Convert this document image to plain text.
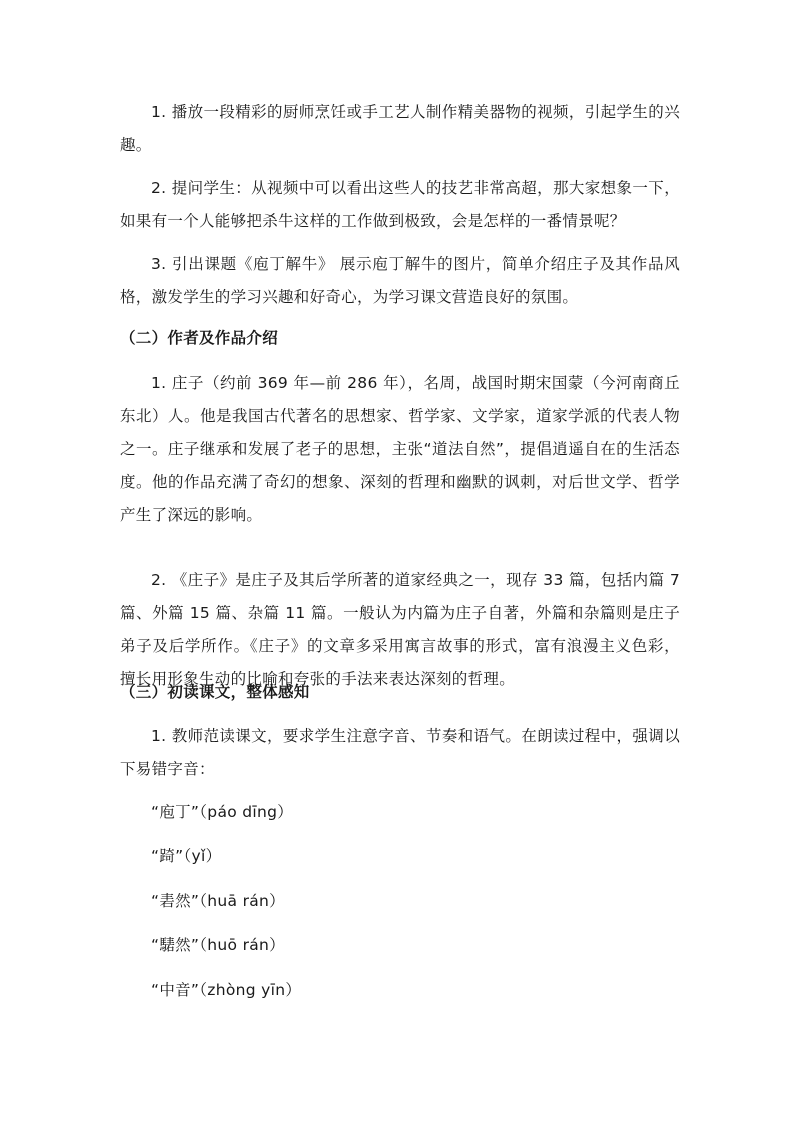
1. 播放一段精彩的厨师烹饪或手工艺人制作精美器物的视频，引起学生的兴趣。

2. 提问学生：从视频中可以看出这些人的技艺非常高超，那大家想象一下，如果有一个人能够把杀牛这样的工作做到极致，会是怎样的一番情景呢？

3. 引出课题《庖丁解牛》 展示庖丁解牛的图片，简单介绍庄子及其作品风格，激发学生的学习兴趣和好奇心，为学习课文营造良好的氛围。

（二）作者及作品介绍

1. 庄子（约前 369 年—前 286 年），名周，战国时期宋国蒙（今河南商丘东北）人。他是我国古代著名的思想家、哲学家、文学家，道家学派的代表人物之一。庄子继承和发展了老子的思想，主张“道法自然”，提倡逍遥自在的生活态度。他的作品充满了奇幻的想象、深刻的哲理和幽默的讽刺，对后世文学、哲学产生了深远的影响。

2. 《庄子》是庄子及其后学所著的道家经典之一，现存 33 篇，包括内篇 7 篇、外篇 15 篇、杂篇 11 篇。一般认为内篇为庄子自著，外篇和杂篇则是庄子弟子及后学所作。《庄子》的文章多采用寓言故事的形式，富有浪漫主义色彩，擅长用形象生动的比喻和夸张的手法来表达深刻的哲理。

（三）初读课文，整体感知

1. 教师范读课文，要求学生注意字音、节奏和语气。在朗读过程中，强调以下易错字音：

“庖丁”（páo dīng）

“踦”（yǐ）

“砉然”（huā rán）

“騞然”（huō rán）

“中音”（zhòng yīn）
